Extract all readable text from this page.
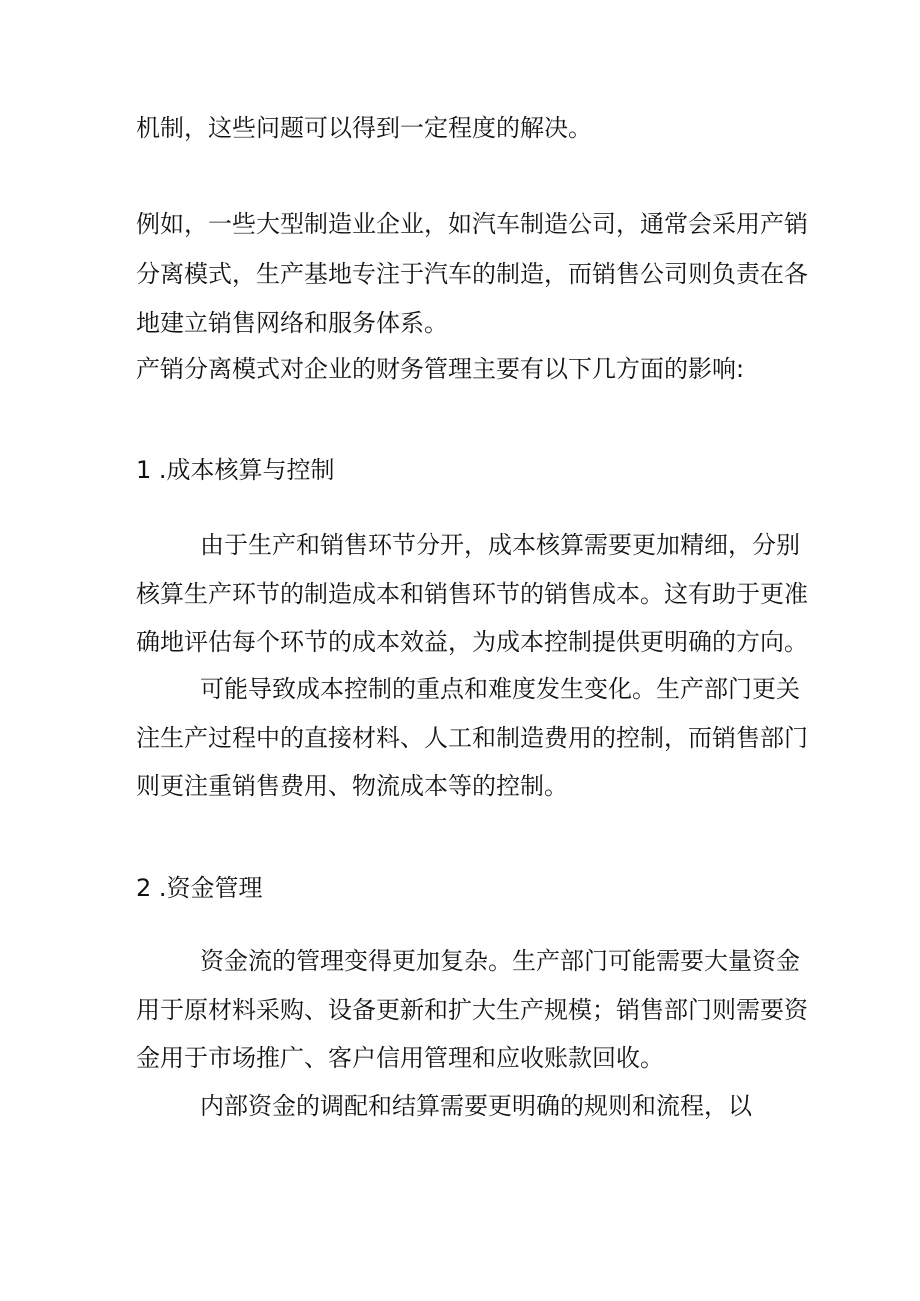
机制，这些问题可以得到一定程度的解决。
例如，一些大型制造业企业，如汽车制造公司，通常会采用产销
分离模式，生产基地专注于汽车的制造，而销售公司则负责在各
地建立销售网络和服务体系。
产销分离模式对企业的财务管理主要有以下几方面的影响:
1 .成本核算与控制
由于生产和销售环节分开，成本核算需要更加精细，分别
核算生产环节的制造成本和销售环节的销售成本。这有助于更准
确地评估每个环节的成本效益，为成本控制提供更明确的方向。
可能导致成本控制的重点和难度发生变化。生产部门更关
注生产过程中的直接材料、人工和制造费用的控制，而销售部门
则更注重销售费用、物流成本等的控制。
2 .资金管理
资金流的管理变得更加复杂。生产部门可能需要大量资金
用于原材料采购、设备更新和扩大生产规模；销售部门则需要资
金用于市场推广、客户信用管理和应收账款回收。
内部资金的调配和结算需要更明确的规则和流程，以
